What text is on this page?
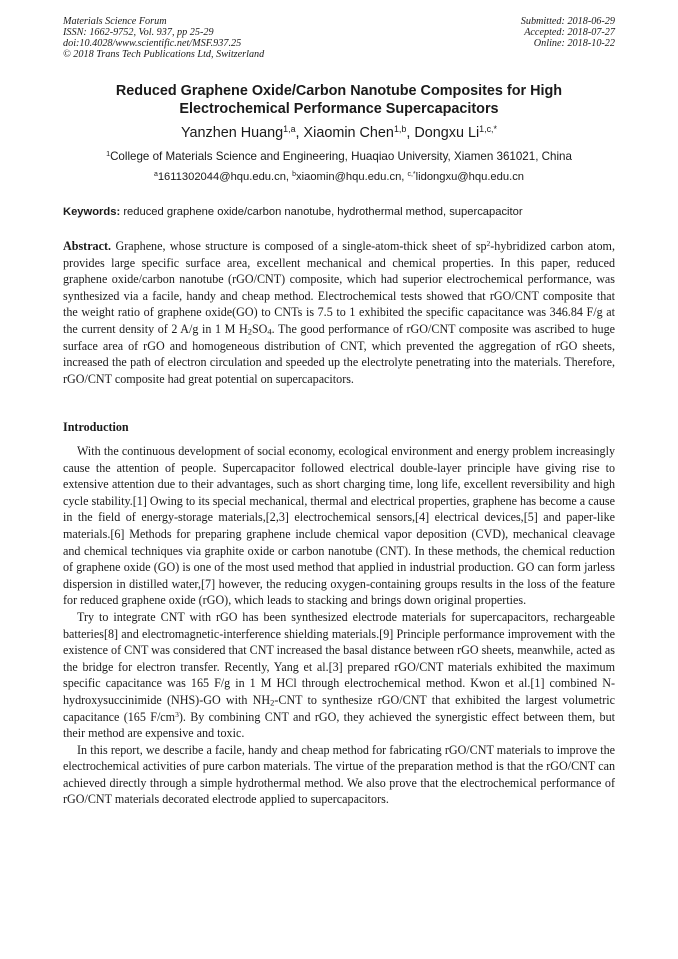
Materials Science Forum
ISSN: 1662-9752, Vol. 937, pp 25-29
doi:10.4028/www.scientific.net/MSF.937.25
© 2018 Trans Tech Publications Ltd, Switzerland
Submitted: 2018-06-29
Accepted: 2018-07-27
Online: 2018-10-22
Reduced Graphene Oxide/Carbon Nanotube Composites for High
Electrochemical Performance Supercapacitors
Yanzhen Huang$^{1,a}$, Xiaomin Chen$^{1,b}$, Dongxu $Li^{1,c,*}$
$^1$College of Materials Science and Engineering, Huaqiao University, Xiamen 361021, China
$^a$1611302044@hqu.edu.cn, $^b$xiaomin@hqu.edu.cn, $^{c,*}$lidongxu@hqu.edu.cn
Keywords: reduced graphene oxide/carbon nanotube, hydrothermal method, supercapacitor

Abstract. Graphene, whose structure is composed of a single-atom-thick sheet of $sp^2$-hybridized carbon atom, provides large specific surface area, excellent mechanical and chemical properties. In this paper, reduced graphene oxide/carbon nanotube (rGO/CNT) composite, which had superior electrochemical performance, was synthesized via a facile, handy and cheap method. Electrochemical tests showed that rGO/CNT composite that the weight ratio of graphene oxide(GO) to CNTs is 7.5 to 1 exhibited the specific capacitance was 346.84 F/g at the current density of 2 A/g in 1 M $H_2SO_4$. The good performance of rGO/CNT composite was ascribed to huge surface area of rGO and homogeneous distribution of CNT, which prevented the aggregation of rGO sheets, increased the path of electron circulation and speeded up the electrolyte penetrating into the materials. Therefore, rGO/CNT composite had great potential on supercapacitors.

Introduction

With the continuous development of social economy, ecological environment and energy problem increasingly cause the attention of people. Supercapacitor followed electrical double-layer principle have giving rise to extensive attention due to their advantages, such as short charging time, long life, excellent reversibility and high cycle stability.[1] Owing to its special mechanical, thermal and electrical properties, graphene has become a cause in the field of energy-storage materials,[2,3] electrochemical sensors,[4] electrical devices,[5] and paper-like materials.[6] Methods for preparing graphene include chemical vapor deposition (CVD), mechanical cleavage and chemical techniques via graphite oxide or carbon nanotube (CNT). In these methods, the chemical reduction of graphene oxide (GO) is one of the most used method that applied in industrial production. GO can form jarless dispersion in distilled water,[7] however, the reducing oxygen-containing groups results in the loss of the feature for reduced graphene oxide (rGO), which leads to stacking and brings down original properties.

Try to integrate CNT with rGO has been synthesized electrode materials for supercapacitors, rechargeable batteries[8] and electromagnetic-interference shielding materials.[9] Principle performance improvement with the existence of CNT was considered that CNT increased the basal distance between rGO sheets, meanwhile, acted as the bridge for electron transfer. Recently, Yang et al.[3] prepared rGO/CNT materials exhibited the maximum specific capacitance was 165 F/g in 1 M HCl through electrochemical method. Kwon et al.[1] combined N-hydroxysuccinimide (NHS)-GO with $NH_2$-CNT to synthesize rGO/CNT that exhibited the largest volumetric capacitance (165 $F/cm^3$). By combining CNT and rGO, they achieved the synergistic effect between them, but their method are expensive and toxic.

In this report, we describe a facile, handy and cheap method for fabricating rGO/CNT materials to improve the electrochemical activities of pure carbon materials. The virtue of the preparation method is that the rGO/CNT can achieved directly through a simple hydrothermal method. We also prove that the electrochemical performance of rGO/CNT materials decorated electrode applied to supercapacitors.
